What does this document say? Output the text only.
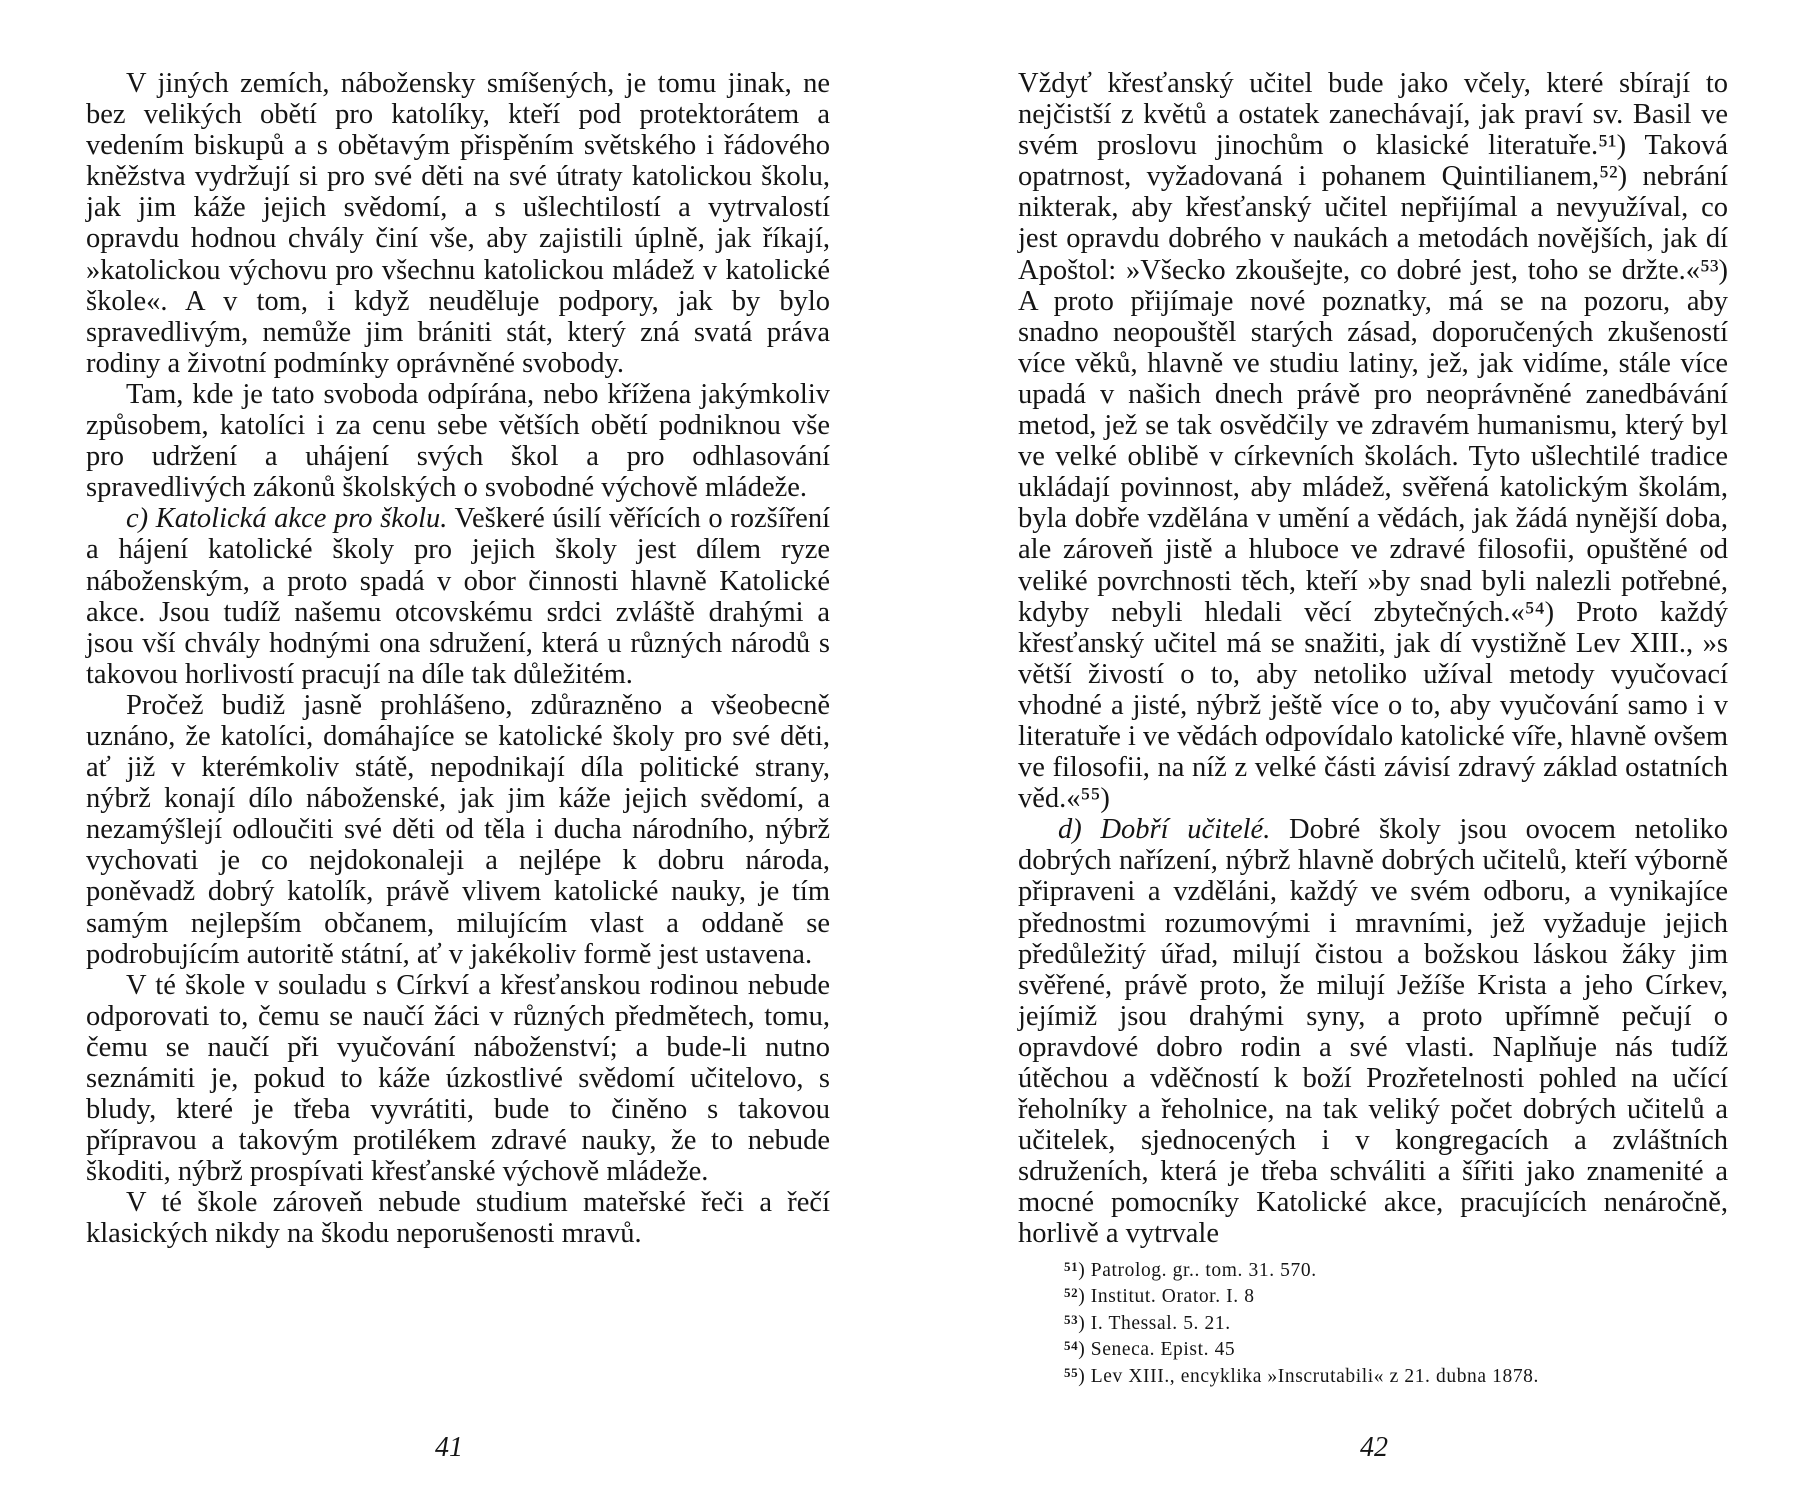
V jiných zemích, nábožensky smíšených, je tomu jinak, ne bez velikých obětí pro katolíky, kteří pod protektorátem a vedením biskupů a s obětavým přispěním světského i řádového kněžstva vydržují si pro své děti na své útraty katolickou školu, jak jim káže jejich svědomí, a s ušlechtilostí a vytrvalostí opravdu hodnou chvály činí vše, aby zajistili úplně, jak říkají, »katolickou výchovu pro všechnu katolickou mládež v katolické škole«. A v tom, i když neuděluje podpory, jak by bylo spravedlivým, nemůže jim brániti stát, který zná svatá práva rodiny a životní podmínky oprávněné svobody.

Tam, kde je tato svoboda odpírána, nebo křížena jakýmkoliv způsobem, katolíci i za cenu sebe větších obětí podniknou vše pro udržení a uhájení svých škol a pro odhlasování spravedlivých zákonů školských o svobodné výchově mládeže.

c) Katolická akce pro školu. Veškeré úsilí věřících o rozšíření a hájení katolické školy pro jejich školy jest dílem ryze náboženským, a proto spadá v obor činnosti hlavně Katolické akce. Jsou tudíž našemu otcovskému srdci zvláště drahými a jsou vší chvály hodnými ona sdružení, která u různých národů s takovou horlivostí pracují na díle tak důležitém.

Pročež budiž jasně prohlášeno, zdůrazněno a všeobecně uznáno, že katolíci, domáhajíce se katolické školy pro své děti, ať již v kterémkoliv státě, nepodnikají díla politické strany, nýbrž konají dílo náboženské, jak jim káže jejich svědomí, a nezamýšlejí odloučiti své děti od těla i ducha národního, nýbrž vychovati je co nejdokonaleji a nejlépe k dobru národa, poněvadž dobrý katolík, právě vlivem katolické nauky, je tím samým nejlepším občanem, milujícím vlast a oddaně se podrobujícím autoritě státní, ať v jakékoliv formě jest ustavena.

V té škole v souladu s Církví a křesťanskou rodinou nebude odporovati to, čemu se naučí žáci v různých předmětech, tomu, čemu se naučí při vyučování náboženství; a bude-li nutno seznámiti je, pokud to káže úzkostlivé svědomí učitelovo, s bludy, které je třeba vyvrátiti, bude to činěno s takovou přípravou a takovým protilékem zdravé nauky, že to nebude škoditi, nýbrž prospívati křesťanské výchově mládeže.

V té škole zároveň nebude studium mateřské řeči a řečí klasických nikdy na škodu neporušenosti mravů.

41

Vždyť křesťanský učitel bude jako včely, které sbírají to nejčistší z květů a ostatek zanechávají, jak praví sv. Basil ve svém proslovu jinochům o klasické literatuře.⁵¹) Taková opatrnost, vyžadovaná i pohanem Quintilianem,⁵²) nebrání nikterak, aby křesťanský učitel nepřijímal a nevyužíval, co jest opravdu dobrého v naukách a metodách novějších, jak dí Apoštol: »Všecko zkoušejte, co dobré jest, toho se držte.«⁵³) A proto přijímaje nové poznatky, má se na pozoru, aby snadno neopouštěl starých zásad, doporučených zkušeností více věků, hlavně ve studiu latiny, jež, jak vidíme, stále více upadá v našich dnech právě pro neoprávněné zanedbávání metod, jež se tak osvědčily ve zdravém humanismu, který byl ve velké oblibě v církevních školách. Tyto ušlechtilé tradice ukládají povinnost, aby mládež, svěřená katolickým školám, byla dobře vzdělána v umění a vědách, jak žádá nynější doba, ale zároveň jistě a hluboce ve zdravé filosofii, opuštěné od veliké povrchnosti těch, kteří »by snad byli nalezli potřebné, kdyby nebyli hledali věcí zbytečných.«⁵⁴) Proto každý křesťanský učitel má se snažiti, jak dí vystižně Lev XIII., »s větší živostí o to, aby netoliko užíval metody vyučovací vhodné a jisté, nýbrž ještě více o to, aby vyučování samo i v literatuře i ve vědách odpovídalo katolické víře, hlavně ovšem ve filosofii, na níž z velké části závisí zdravý základ ostatních věd.«⁵⁵)

d) Dobří učitelé. Dobré školy jsou ovocem netoliko dobrých nařízení, nýbrž hlavně dobrých učitelů, kteří výborně připraveni a vzděláni, každý ve svém odboru, a vynikajíce přednostmi rozumovými i mravními, jež vyžaduje jejich předůležitý úřad, milují čistou a božskou láskou žáky jim svěřené, právě proto, že milují Ježíše Krista a jeho Církev, jejímiž jsou drahými syny, a proto upřímně pečují o opravdové dobro rodin a své vlasti. Naplňuje nás tudíž útěchou a vděčností k boží Prozřetelnosti pohled na učící řeholníky a řeholnice, na tak veliký počet dobrých učitelů a učitelek, sjednocených i v kongregacích a zvláštních sdruženích, která je třeba schváliti a šířiti jako znamenité a mocné pomocníky Katolické akce, pracujících nenáročně, horlivě a vytrvale

$^{51}$) Patrolog. gr.. tom. 31. 570.
$^{52}$) Institut. Orator. I. 8
$^{53}$) I. Thessal. 5. 21.
$^{54}$) Seneca. Epist. 45
$^{55}$) Lev XIII., encyklika »Inscrutabili« z 21. dubna 1878.
42
